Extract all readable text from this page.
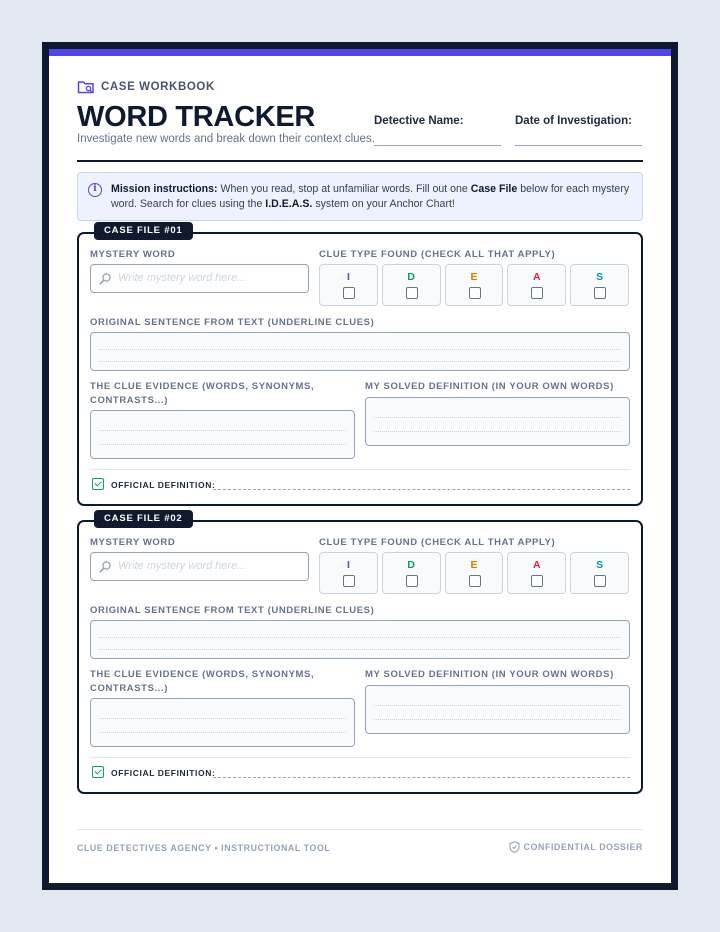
CASE WORKBOOK
WORD TRACKER
Investigate new words and break down their context clues.
Detective Name:	Date of Investigation:
i	Mission instructions: When you read, stop at unfamiliar words. Fill out one Case File below for each mystery word. Search for clues using the I.D.E.A.S. system on your Anchor Chart!

CASE FILE #01
MYSTERY WORD
Write mystery word here...
CLUE TYPE FOUND (CHECK ALL THAT APPLY)
I	D	E	A	S
ORIGINAL SENTENCE FROM TEXT (UNDERLINE CLUES)
THE CLUE EVIDENCE (WORDS, SYNONYMS, CONTRASTS...)
MY SOLVED DEFINITION (IN YOUR OWN WORDS)
OFFICIAL DEFINITION:
CASE FILE #02
MYSTERY WORD
Write mystery word here...
CLUE TYPE FOUND (CHECK ALL THAT APPLY)
I	D	E	A	S
ORIGINAL SENTENCE FROM TEXT (UNDERLINE CLUES)
THE CLUE EVIDENCE (WORDS, SYNONYMS, CONTRASTS...)
MY SOLVED DEFINITION (IN YOUR OWN WORDS)
OFFICIAL DEFINITION:
CLUE DETECTIVES AGENCY • INSTRUCTIONAL TOOL	CONFIDENTIAL DOSSIER
